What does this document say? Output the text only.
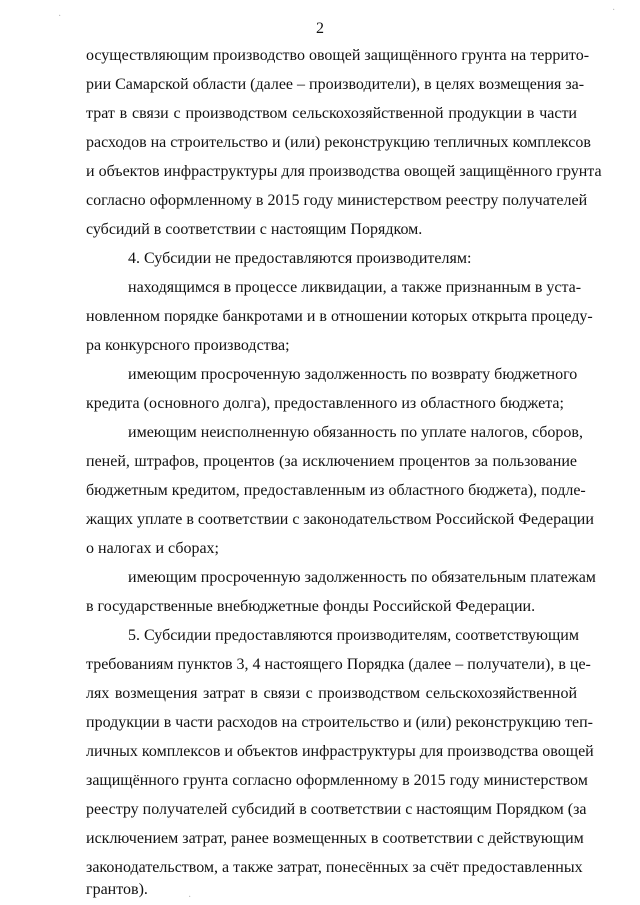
2
осуществляющим производство овощей защищённого грунта на террито-
рии Самарской области (далее – производители), в целях возмещения за-
трат в связи с производством сельскохозяйственной продукции в части
расходов на строительство и (или) реконструкцию тепличных комплексов
и объектов инфраструктуры для производства овощей защищённого грунта
согласно оформленному в 2015 году министерством реестру получателей
субсидий в соответствии с настоящим Порядком.
4. Субсидии не предоставляются производителям:
находящимся в процессе ликвидации, а также признанным в уста-
новленном порядке банкротами и в отношении которых открыта процеду-
ра конкурсного производства;
имеющим просроченную задолженность по возврату бюджетного
кредита (основного долга), предоставленного из областного бюджета;
имеющим неисполненную обязанность по уплате налогов, сборов,
пеней, штрафов, процентов (за исключением процентов за пользование
бюджетным кредитом, предоставленным из областного бюджета), подле-
жащих уплате в соответствии с законодательством Российской Федерации
о налогах и сборах;
имеющим просроченную задолженность по обязательным платежам
в государственные внебюджетные фонды Российской Федерации.
5. Субсидии предоставляются производителям, соответствующим
требованиям пунктов 3, 4 настоящего Порядка (далее – получатели), в це-
лях возмещения затрат в связи с производством сельскохозяйственной
продукции в части расходов на строительство и (или) реконструкцию теп-
личных комплексов и объектов инфраструктуры для производства овощей
защищённого грунта согласно оформленному в 2015 году министерством
реестру получателей субсидий в соответствии с настоящим Порядком (за
исключением затрат, ранее возмещенных в соответствии с действующим
законодательством, а также затрат, понесённых за счёт предоставленных
грантов).
·
·
·
